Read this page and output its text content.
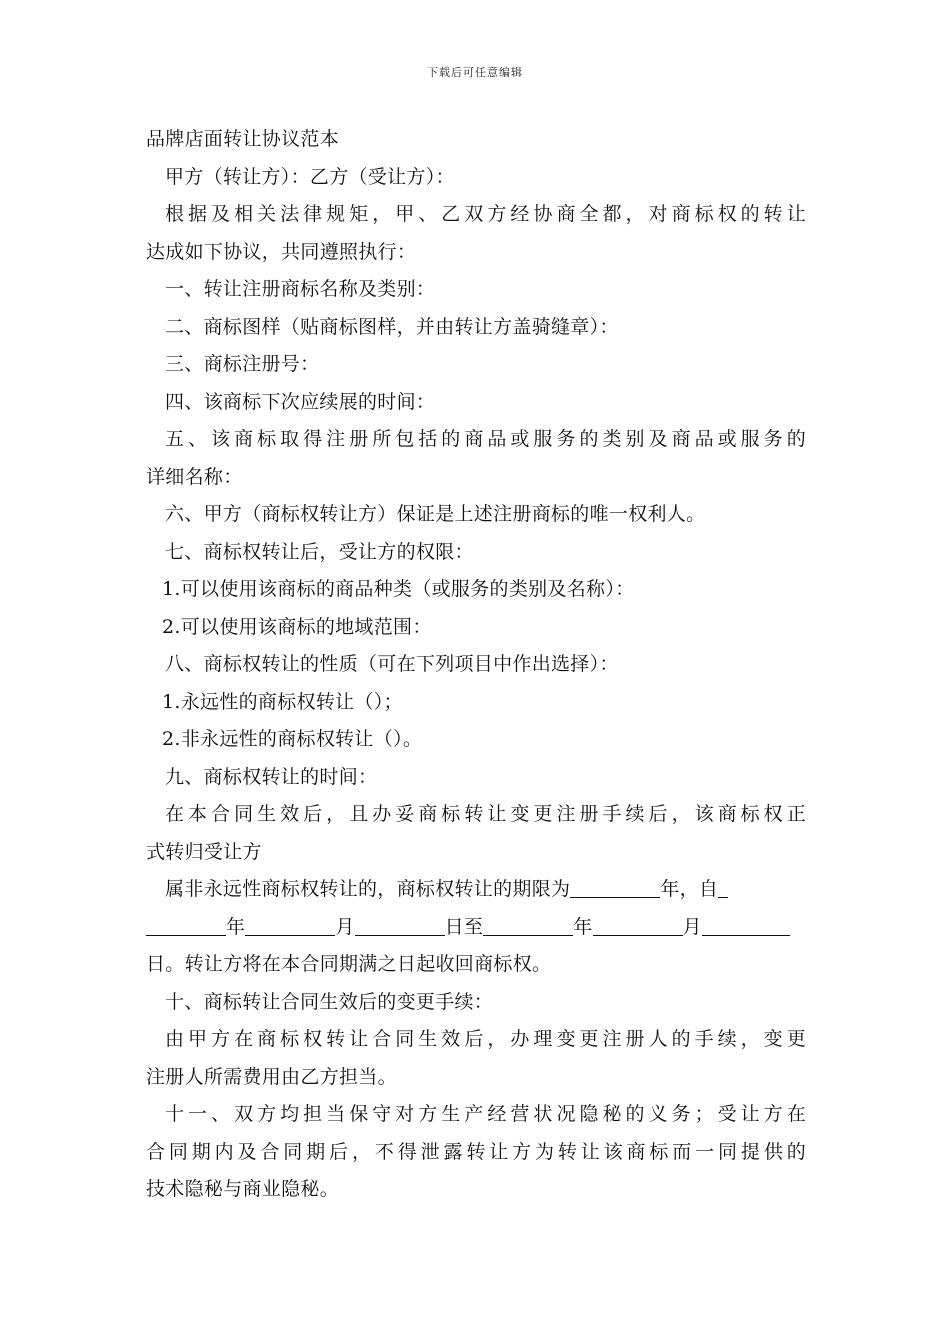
下载后可任意编辑
品牌店面转让协议范本
甲方（转让方）：乙方（受让方）：
根据及相关法律规矩，甲、乙双方经协商全都，对商标权的转让
达成如下协议，共同遵照执行：
一、转让注册商标名称及类别：
二、商标图样（贴商标图样，并由转让方盖骑缝章）：
三、商标注册号：
四、该商标下次应续展的时间：
五、该商标取得注册所包括的商品或服务的类别及商品或服务的
详细名称：
六、甲方（商标权转让方）保证是上述注册商标的唯一权利人。
七、商标权转让后，受让方的权限：
1.可以使用该商标的商品种类（或服务的类别及名称）：
2.可以使用该商标的地域范围：
八、商标权转让的性质（可在下列项目中作出选择）：
1.永远性的商标权转让（）；
2.非永远性的商标权转让（）。
九、商标权转让的时间：
在本合同生效后，且办妥商标转让变更注册手续后，该商标权正
式转归受让方
属非永远性商标权转让的，商标权转让的期限为	年，自
年	月	日至	年	月
日。转让方将在本合同期满之日起收回商标权。
十、商标转让合同生效后的变更手续：
由甲方在商标权转让合同生效后，办理变更注册人的手续，变更
注册人所需费用由乙方担当。
十一、双方均担当保守对方生产经营状况隐秘的义务；受让方在
合同期内及合同期后，不得泄露转让方为转让该商标而一同提供的
技术隐秘与商业隐秘。
